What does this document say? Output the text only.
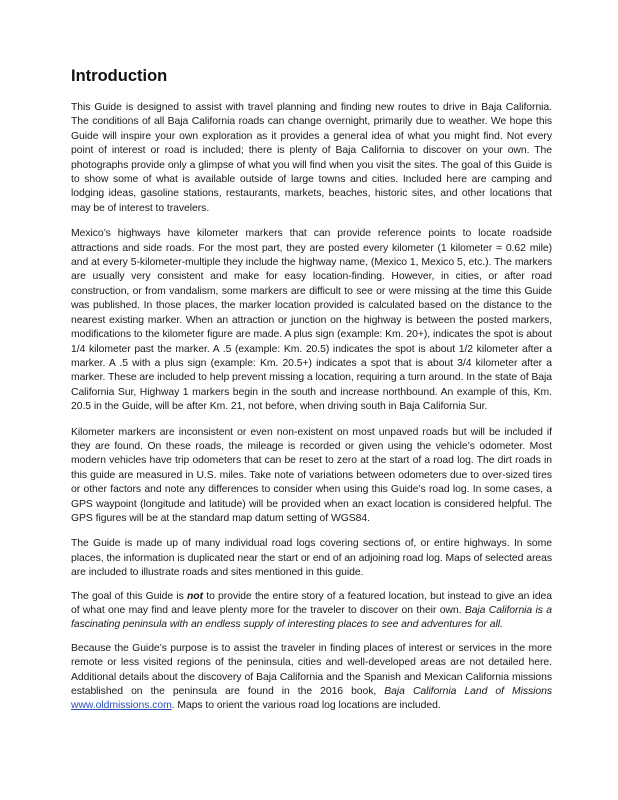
Introduction

This Guide is designed to assist with travel planning and finding new routes to drive in Baja California. The conditions of all Baja California roads can change overnight, primarily due to weather. We hope this Guide will inspire your own exploration as it provides a general idea of what you might find. Not every point of interest or road is included; there is plenty of Baja California to discover on your own. The photographs provide only a glimpse of what you will find when you visit the sites. The goal of this Guide is to show some of what is available outside of large towns and cities. Included here are camping and lodging ideas, gasoline stations, restaurants, markets, beaches, historic sites, and other locations that may be of interest to travelers.

Mexico’s highways have kilometer markers that can provide reference points to locate roadside attractions and side roads. For the most part, they are posted every kilometer (1 kilometer = 0.62 mile) and at every 5-kilometer-multiple they include the highway name, (Mexico 1, Mexico 5, etc.). The markers are usually very consistent and make for easy location-finding. However, in cities, or after road construction, or from vandalism, some markers are difficult to see or were missing at the time this Guide was published. In those places, the marker location provided is calculated based on the distance to the nearest existing marker. When an attraction or junction on the highway is between the posted markers, modifications to the kilometer figure are made. A plus sign (example: Km. 20+), indicates the spot is about 1/4 kilometer past the marker. A .5 (example: Km. 20.5) indicates the spot is about 1/2 kilometer after a marker. A .5 with a plus sign (example: Km. 20.5+) indicates a spot that is about 3/4 kilometer after a marker. These are included to help prevent missing a location, requiring a turn around. In the state of Baja California Sur, Highway 1 markers begin in the south and increase northbound. An example of this, Km. 20.5 in the Guide, will be after Km. 21, not before, when driving south in Baja California Sur.

Kilometer markers are inconsistent or even non-existent on most unpaved roads but will be included if they are found. On these roads, the mileage is recorded or given using the vehicle’s odometer. Most modern vehicles have trip odometers that can be reset to zero at the start of a road log. The dirt roads in this guide are measured in U.S. miles. Take note of variations between odometers due to over-sized tires or other factors and note any differences to consider when using this Guide’s road log. In some cases, a GPS waypoint (longitude and latitude) will be provided when an exact location is considered helpful. The GPS figures will be at the standard map datum setting of WGS84.

The Guide is made up of many individual road logs covering sections of, or entire highways. In some places, the information is duplicated near the start or end of an adjoining road log. Maps of selected areas are included to illustrate roads and sites mentioned in this guide.

The goal of this Guide is not to provide the entire story of a featured location, but instead to give an idea of what one may find and leave plenty more for the traveler to discover on their own. Baja California is a fascinating peninsula with an endless supply of interesting places to see and adventures for all.

Because the Guide’s purpose is to assist the traveler in finding places of interest or services in the more remote or less visited regions of the peninsula, cities and well-developed areas are not detailed here. Additional details about the discovery of Baja California and the Spanish and Mexican California missions established on the peninsula are found in the 2016 book, Baja California Land of Missions www.oldmissions.com. Maps to orient the various road log locations are included.
